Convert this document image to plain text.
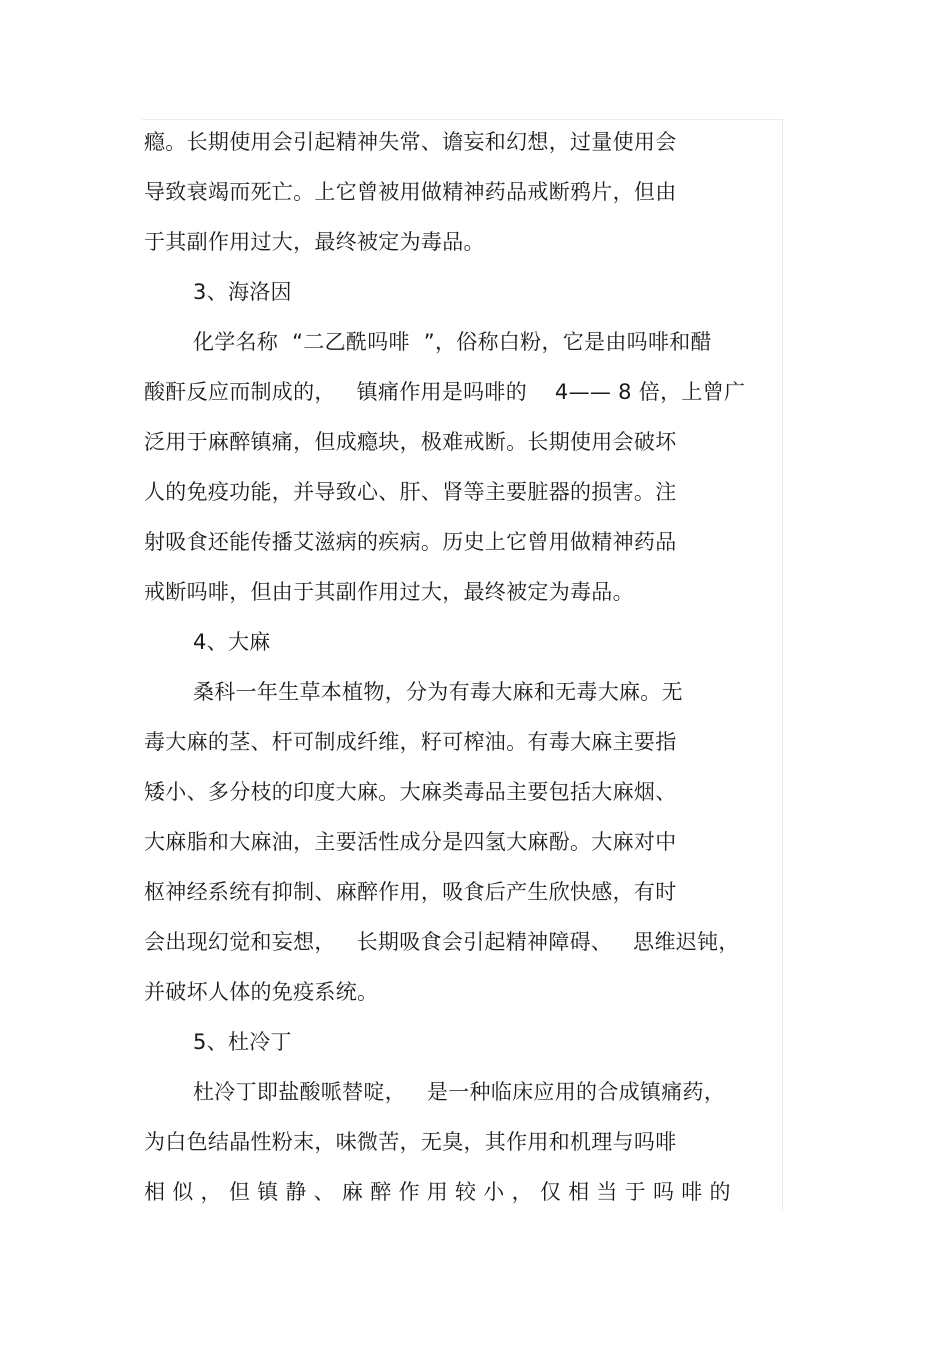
瘾。长期使用会引起精神失常、谵妄和幻想，过量使用会

导致衰竭而死亡。上它曾被用做精神药品戒断鸦片，但由

于其副作用过大，最终被定为毒品。

3、海洛因

化学名称  “二乙酰吗啡  ”，俗称白粉，它是由吗啡和醋

酸酐反应而制成的，   镇痛作用是吗啡的    4—— 8 倍，上曾广

泛用于麻醉镇痛，但成瘾块，极难戒断。长期使用会破坏

人的免疫功能，并导致心、肝、肾等主要脏器的损害。注

射吸食还能传播艾滋病的疾病。历史上它曾用做精神药品

戒断吗啡，但由于其副作用过大，最终被定为毒品。

4、大麻

桑科一年生草本植物，分为有毒大麻和无毒大麻。无

毒大麻的茎、杆可制成纤维，籽可榨油。有毒大麻主要指

矮小、多分枝的印度大麻。大麻类毒品主要包括大麻烟、

大麻脂和大麻油，主要活性成分是四氢大麻酚。大麻对中

枢神经系统有抑制、麻醉作用，吸食后产生欣快感，有时

会出现幻觉和妄想，   长期吸食会引起精神障碍、   思维迟钝，

并破坏人体的免疫系统。

5、杜冷丁

杜冷丁即盐酸哌替啶，   是一种临床应用的合成镇痛药，

为白色结晶性粉末，味微苦，无臭，其作用和机理与吗啡

相 似 ， 但 镇 静 、 麻 醉 作 用 较 小 ， 仅 相 当 于 吗 啡 的
